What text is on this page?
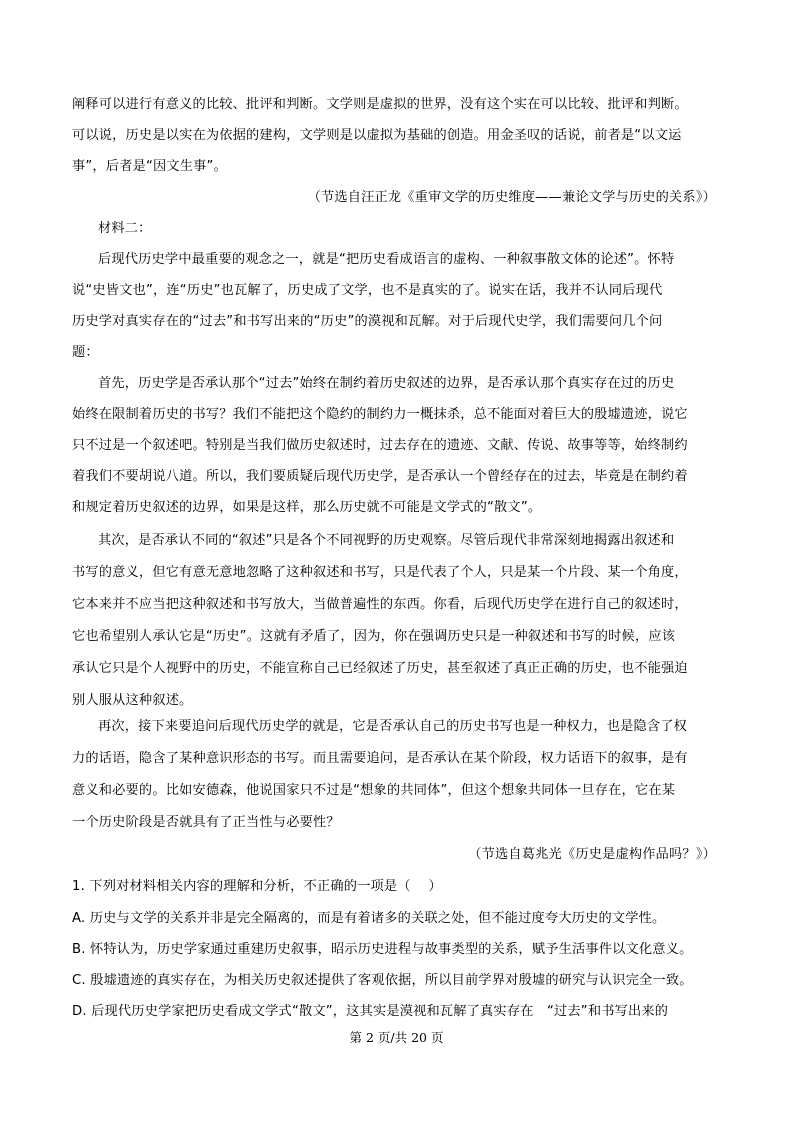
阐释可以进行有意义的比较、批评和判断。文学则是虚拟的世界，没有这个实在可以比较、批评和判断。
可以说，历史是以实在为依据的建构，文学则是以虚拟为基础的创造。用金圣叹的话说，前者是“以文运
事”，后者是“因文生事”。
（节选自汪正龙《重审文学的历史维度——兼论文学与历史的关系》）
材料二：
后现代历史学中最重要的观念之一，就是“把历史看成语言的虚构、一种叙事散文体的论述”。怀特
说“史皆文也”，连“历史”也瓦解了，历史成了文学，也不是真实的了。说实在话，我并不认同后现代
历史学对真实存在的“过去”和书写出来的“历史”的漠视和瓦解。对于后现代史学，我们需要问几个问
题：
首先，历史学是否承认那个“过去”始终在制约着历史叙述的边界，是否承认那个真实存在过的历史
始终在限制着历史的书写？我们不能把这个隐约的制约力一概抹杀，总不能面对着巨大的殷墟遗迹，说它
只不过是一个叙述吧。特别是当我们做历史叙述时，过去存在的遗迹、文献、传说、故事等等，始终制约
着我们不要胡说八道。所以，我们要质疑后现代历史学，是否承认一个曾经存在的过去，毕竟是在制约着
和规定着历史叙述的边界，如果是这样，那么历史就不可能是文学式的“散文”。
其次，是否承认不同的“叙述”只是各个不同视野的历史观察。尽管后现代非常深刻地揭露出叙述和
书写的意义，但它有意无意地忽略了这种叙述和书写，只是代表了个人，只是某一个片段、某一个角度，
它本来并不应当把这种叙述和书写放大，当做普遍性的东西。你看，后现代历史学在进行自己的叙述时，
它也希望别人承认它是“历史”。这就有矛盾了，因为，你在强调历史只是一种叙述和书写的时候，应该
承认它只是个人视野中的历史，不能宣称自己已经叙述了历史，甚至叙述了真正正确的历史，也不能强迫
别人服从这种叙述。
再次，接下来要追问后现代历史学的就是，它是否承认自己的历史书写也是一种权力，也是隐含了权
力的话语，隐含了某种意识形态的书写。而且需要追问，是否承认在某个阶段，权力话语下的叙事，是有
意义和必要的。比如安德森，他说国家只不过是“想象的共同体”，但这个想象共同体一旦存在，它在某
一个历史阶段是否就具有了正当性与必要性？
（节选自葛兆光《历史是虚构作品吗？》）
1. 下列对材料相关内容的理解和分析，不正确的一项是（　 ）
A. 历史与文学的关系并非是完全隔离的，而是有着诸多的关联之处，但不能过度夸大历史的文学性。
B. 怀特认为，历史学家通过重建历史叙事，昭示历史进程与故事类型的关系，赋予生活事件以文化意义。
C. 殷墟遗迹的真实存在，为相关历史叙述提供了客观依据，所以目前学界对殷墟的研究与认识完全一致。
D. 后现代历史学家把历史看成文学式“散文”，这其实是漠视和瓦解了真实存在　“过去”和书写出来的
第 2 页/共 20 页
